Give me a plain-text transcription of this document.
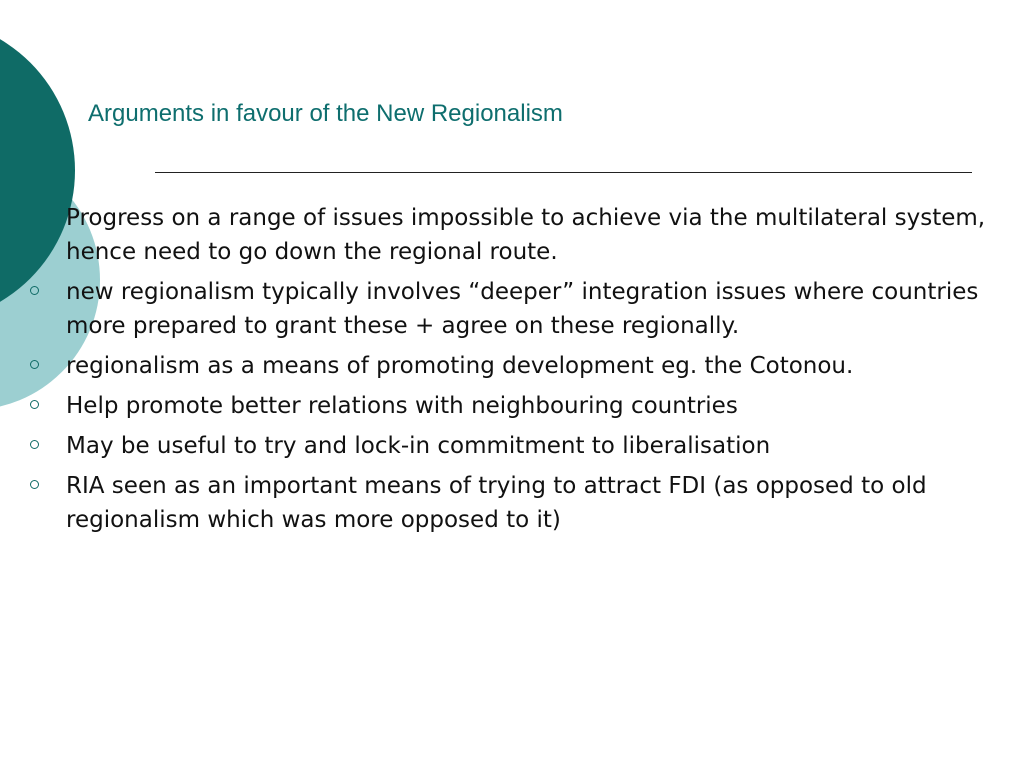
Arguments in favour of the New Regionalism
Progress on a range of issues impossible to achieve via the multilateral system, hence need to go down the regional route.
new regionalism typically involves “deeper” integration issues where countries more prepared to grant these + agree on these regionally.
regionalism as a means of promoting development eg. the Cotonou.
Help promote better relations with neighbouring countries
May be useful to try and lock-in commitment to liberalisation
RIA seen as an important means of trying to attract FDI (as opposed to old regionalism which was more opposed to it)
